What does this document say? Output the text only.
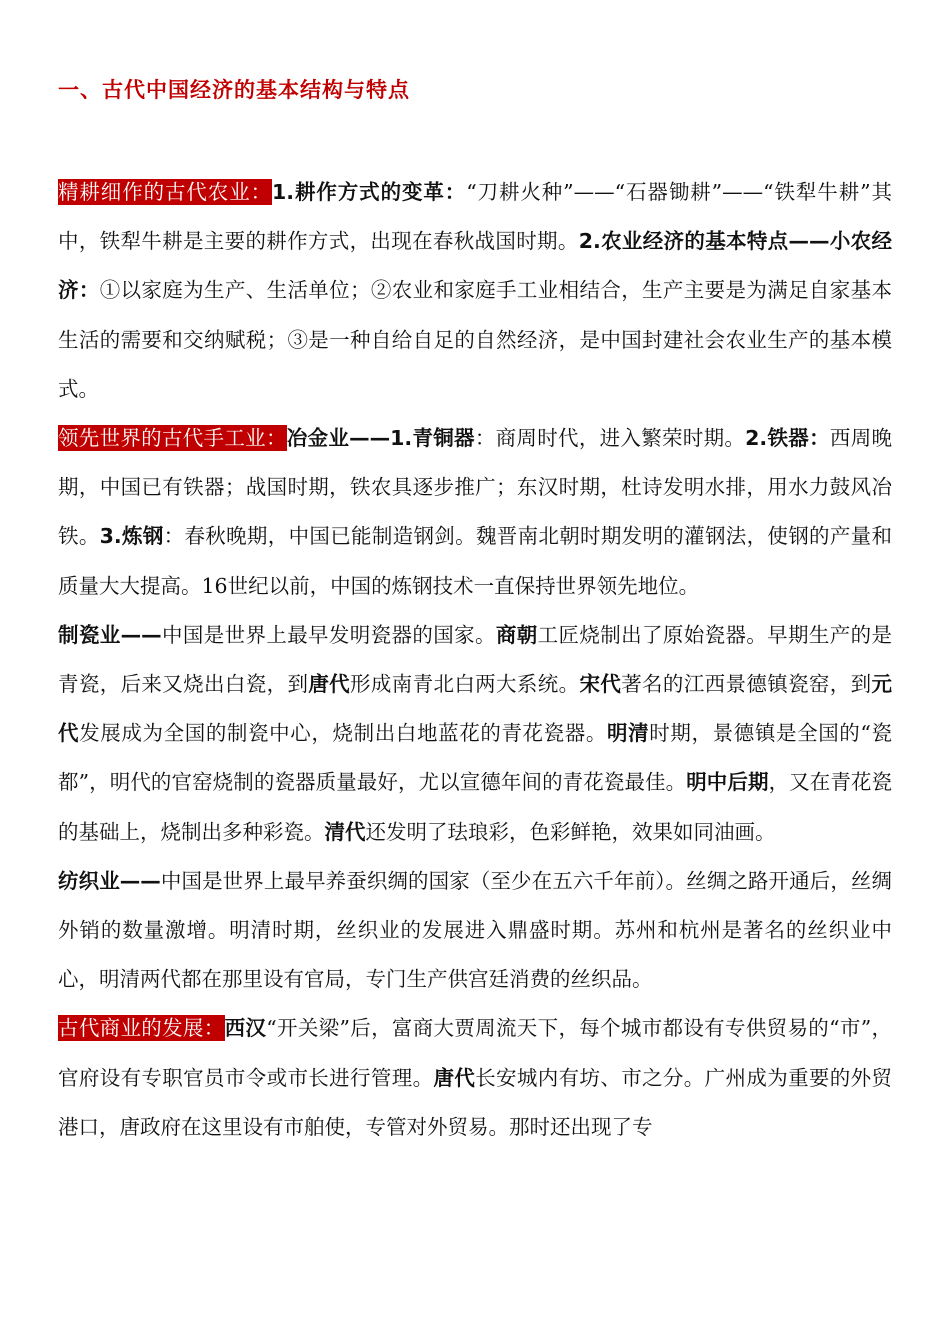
一、古代中国经济的基本结构与特点

精耕细作的古代农业：1.耕作方式的变革：“刀耕火种”——“石器锄耕”——“铁犁牛耕”其中，铁犁牛耕是主要的耕作方式，出现在春秋战国时期。2.农业经济的基本特点——小农经济：①以家庭为生产、生活单位；②农业和家庭手工业相结合，生产主要是为满足自家基本生活的需要和交纳赋税；③是一种自给自足的自然经济，是中国封建社会农业生产的基本模式。

领先世界的古代手工业：冶金业——1.青铜器：商周时代，进入繁荣时期。2.铁器：西周晚期，中国已有铁器；战国时期，铁农具逐步推广；东汉时期，杜诗发明水排，用水力鼓风冶铁。3.炼钢：春秋晚期，中国已能制造钢剑。魏晋南北朝时期发明的灌钢法，使钢的产量和质量大大提高。16世纪以前，中国的炼钢技术一直保持世界领先地位。

制瓷业——中国是世界上最早发明瓷器的国家。商朝工匠烧制出了原始瓷器。早期生产的是青瓷，后来又烧出白瓷，到唐代形成南青北白两大系统。宋代著名的江西景德镇瓷窑，到元代发展成为全国的制瓷中心，烧制出白地蓝花的青花瓷器。明清时期，景德镇是全国的“瓷都”，明代的官窑烧制的瓷器质量最好，尤以宣德年间的青花瓷最佳。明中后期，又在青花瓷的基础上，烧制出多种彩瓷。清代还发明了珐琅彩，色彩鲜艳，效果如同油画。

纺织业——中国是世界上最早养蚕织绸的国家（至少在五六千年前）。丝绸之路开通后，丝绸外销的数量激增。明清时期，丝织业的发展进入鼎盛时期。苏州和杭州是著名的丝织业中心，明清两代都在那里设有官局，专门生产供宫廷消费的丝织品。

古代商业的发展：西汉“开关梁”后，富商大贾周流天下，每个城市都设有专供贸易的“市”，官府设有专职官员市令或市长进行管理。唐代长安城内有坊、市之分。广州成为重要的外贸港口，唐政府在这里设有市舶使，专管对外贸易。那时还出现了专
